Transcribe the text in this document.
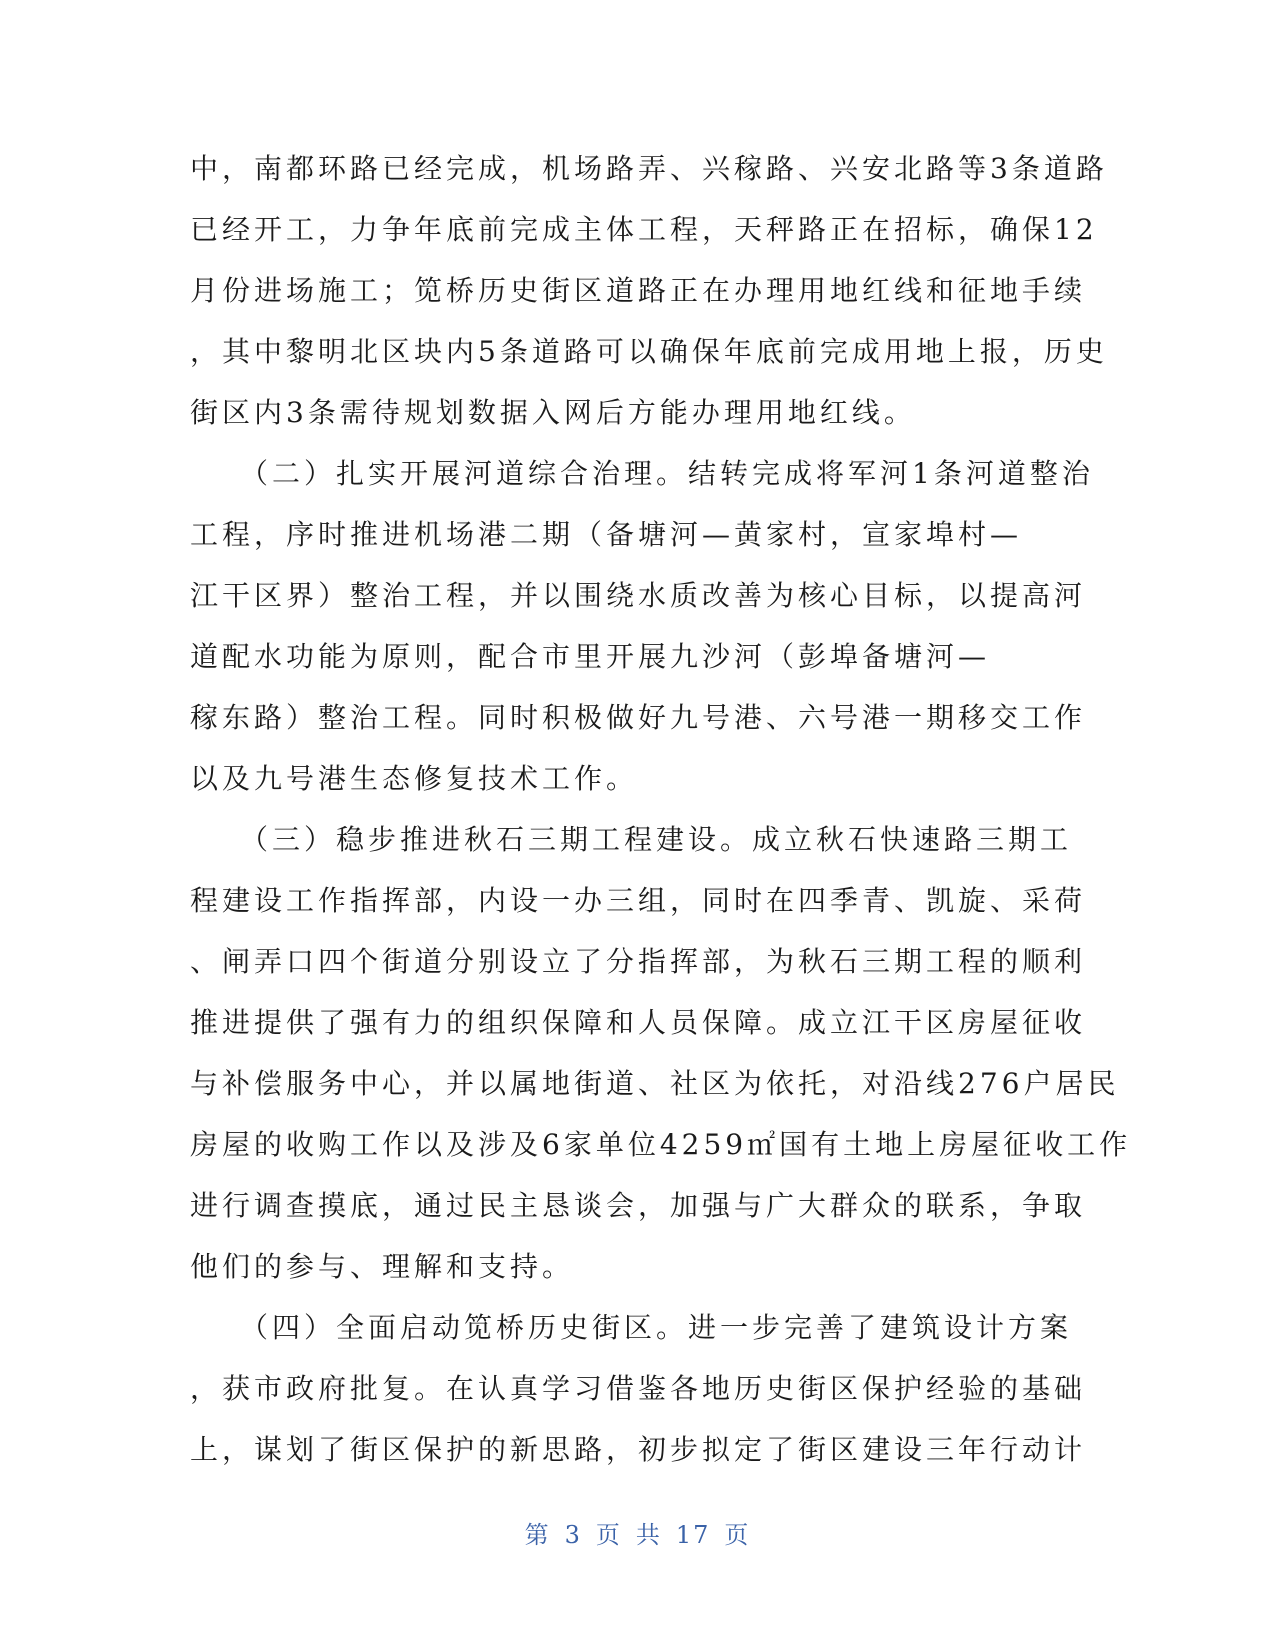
中，南都环路已经完成，机场路弄、兴稼路、兴安北路等3条道路
已经开工，力争年底前完成主体工程，天秤路正在招标，确保12
月份进场施工；笕桥历史街区道路正在办理用地红线和征地手续
，其中黎明北区块内5条道路可以确保年底前完成用地上报，历史
街区内3条需待规划数据入网后方能办理用地红线。
　　（二）扎实开展河道综合治理。结转完成将军河1条河道整治
工程，序时推进机场港二期（备塘河—黄家村，宣家埠村—
江干区界）整治工程，并以围绕水质改善为核心目标，以提高河
道配水功能为原则，配合市里开展九沙河（彭埠备塘河—
稼东路）整治工程。同时积极做好九号港、六号港一期移交工作
以及九号港生态修复技术工作。
　　（三）稳步推进秋石三期工程建设。成立秋石快速路三期工
程建设工作指挥部，内设一办三组，同时在四季青、凯旋、采荷
、闸弄口四个街道分别设立了分指挥部，为秋石三期工程的顺利
推进提供了强有力的组织保障和人员保障。成立江干区房屋征收
与补偿服务中心，并以属地街道、社区为依托，对沿线276户居民
房屋的收购工作以及涉及6家单位4259㎡国有土地上房屋征收工作
进行调查摸底，通过民主恳谈会，加强与广大群众的联系，争取
他们的参与、理解和支持。
　　（四）全面启动笕桥历史街区。进一步完善了建筑设计方案
，获市政府批复。在认真学习借鉴各地历史街区保护经验的基础
上，谋划了街区保护的新思路，初步拟定了街区建设三年行动计
第 3 页 共 17 页
